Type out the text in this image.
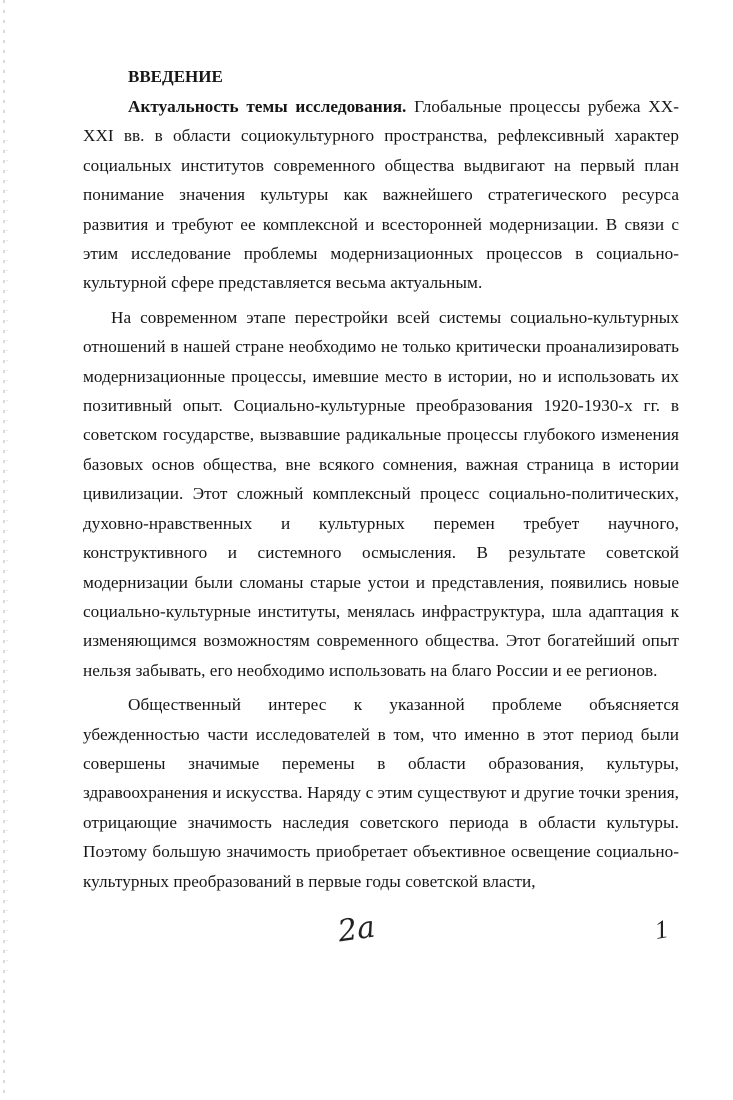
ВВЕДЕНИЕ

Актуальность темы исследования. Глобальные процессы рубежа XX-XXI вв. в области социокультурного пространства, рефлексивный характер социальных институтов современного общества выдвигают на первый план понимание значения культуры как важнейшего стратегического ресурса развития и требуют ее комплексной и всесторонней модернизации. В связи с этим исследование проблемы модернизационных процессов в социально-культурной сфере представляется весьма актуальным.

На современном этапе перестройки всей системы социально-культурных отношений в нашей стране необходимо не только критически проанализировать модернизационные процессы, имевшие место в истории, но и использовать их позитивный опыт. Социально-культурные преобразования 1920-1930-х гг. в советском государстве, вызвавшие радикальные процессы глубокого изменения базовых основ общества, вне всякого сомнения, важная страница в истории цивилизации. Этот сложный комплексный процесс социально-политических, духовно-нравственных и культурных перемен требует научного, конструктивного и системного осмысления. В результате советской модернизации были сломаны старые устои и представления, появились новые социально-культурные институты, менялась инфраструктура, шла адаптация к изменяющимся возможностям современного общества. Этот богатейший опыт нельзя забывать, его необходимо использовать на благо России и ее регионов.

Общественный интерес к указанной проблеме объясняется убежденностью части исследователей в том, что именно в этот период были совершены значимые перемены в области образования, культуры, здравоохранения и искусства. Наряду с этим существуют и другие точки зрения, отрицающие значимость наследия советского периода в области культуры. Поэтому большую значимость приобретает объективное освещение социально-культурных преобразований в первые годы советской власти,

2a	1
